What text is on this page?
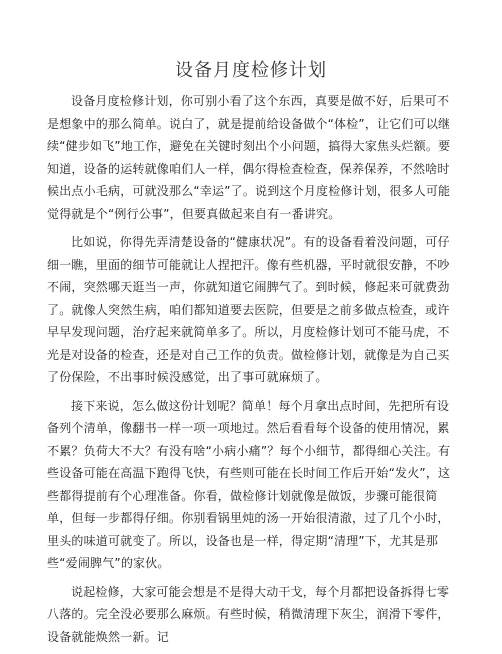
设备月度检修计划

设备月度检修计划，你可别小看了这个东西，真要是做不好，后果可不是想象中的那么简单。说白了，就是提前给设备做个“体检”，让它们可以继续“健步如飞”地工作，避免在关键时刻出个小问题，搞得大家焦头烂额。要知道，设备的运转就像咱们人一样，偶尔得检查检查，保养保养，不然啥时候出点小毛病，可就没那么“幸运”了。说到这个月度检修计划，很多人可能觉得就是个“例行公事”，但要真做起来自有一番讲究。

比如说，你得先弄清楚设备的“健康状况”。有的设备看着没问题，可仔细一瞧，里面的细节可能就让人捏把汗。像有些机器，平时就很安静，不吵不闹，突然哪天逛当一声，你就知道它闹脾气了。到时候，修起来可就费劲了。就像人突然生病，咱们都知道要去医院，但要是之前多做点检查，或许早早发现问题，治疗起来就简单多了。所以，月度检修计划可不能马虎，不光是对设备的检查，还是对自己工作的负责。做检修计划，就像是为自己买了份保险，不出事时候没感觉，出了事可就麻烦了。

接下来说，怎么做这份计划呢？简单！每个月拿出点时间，先把所有设备列个清单，像翻书一样一项一项地过。然后看看每个设备的使用情况，累不累？负荷大不大？有没有啥“小病小痛”？每个小细节，都得细心关注。有些设备可能在高温下跑得飞快，有些则可能在长时间工作后开始“发火”，这些都得提前有个心理准备。你看，做检修计划就像是做饭，步骤可能很简单，但每一步都得仔细。你别看锅里炖的汤一开始很清澈，过了几个小时，里头的味道可就变了。所以，设备也是一样，得定期“清理”下，尤其是那些“爱闹脾气”的家伙。

说起检修，大家可能会想是不是得大动干戈，每个月都把设备拆得七零八落的。完全没必要那么麻烦。有些时候，稍微清理下灰尘，润滑下零件，设备就能焕然一新。记
